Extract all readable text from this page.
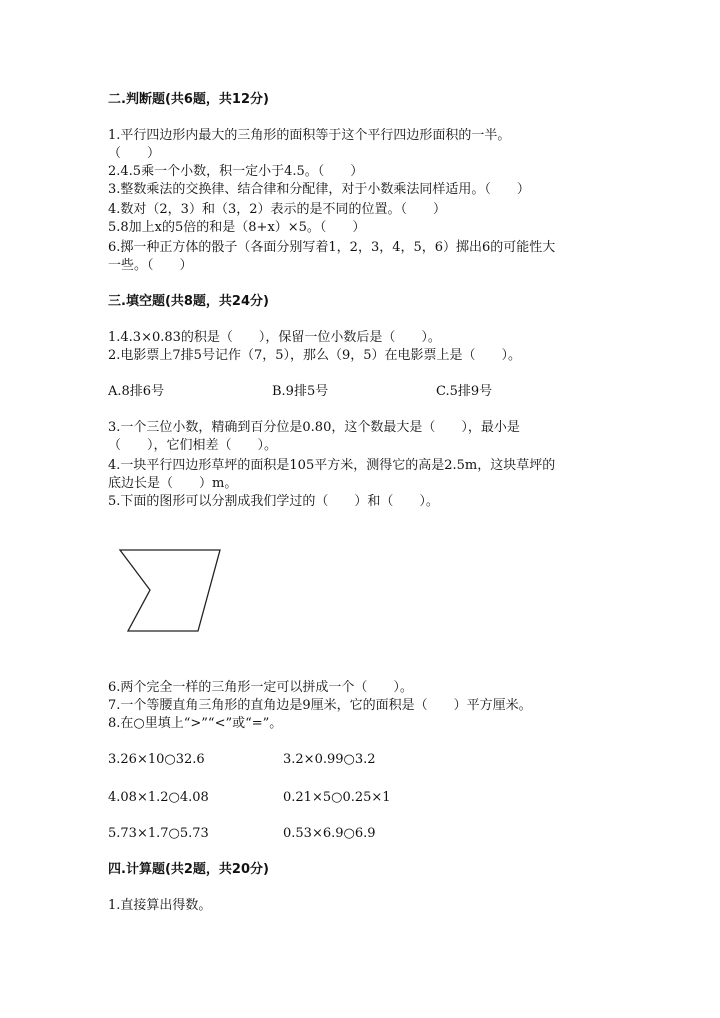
二.判断题(共6题，共12分)
1.平行四边形内最大的三角形的面积等于这个平行四边形面积的一半。
（　　）
2.4.5乘一个小数，积一定小于4.5。（　　）
3.整数乘法的交换律、结合律和分配律，对于小数乘法同样适用。（　　）
4.数对（2，3）和（3，2）表示的是不同的位置。（　　）
5.8加上x的5倍的和是（8+x）×5。（　　）
6.掷一种正方体的骰子（各面分别写着1，2，3，4，5，6）掷出6的可能性大
一些。（　　）
三.填空题(共8题，共24分)
1.4.3×0.83的积是（　　），保留一位小数后是（　　）。
2.电影票上7排5号记作（7，5），那么（9，5）在电影票上是（　　）。
A.8排6号	B.9排5号	C.5排9号
3.一个三位小数，精确到百分位是0.80，这个数最大是（　　），最小是
（　　），它们相差（　　）。
4.一块平行四边形草坪的面积是105平方米，测得它的高是2.5m，这块草坪的
底边长是（　　）m。
5.下面的图形可以分割成我们学过的（　　）和（　　）。
6.两个完全一样的三角形一定可以拼成一个（　　）。
7.一个等腰直角三角形的直角边是9厘米，它的面积是（　　）平方厘米。
8.在○里填上“>”“<”或“=”。
3.26×10○32.6	3.2×0.99○3.2
4.08×1.2○4.08	0.21×5○0.25×1
5.73×1.7○5.73	0.53×6.9○6.9
四.计算题(共2题，共20分)
1.直接算出得数。
